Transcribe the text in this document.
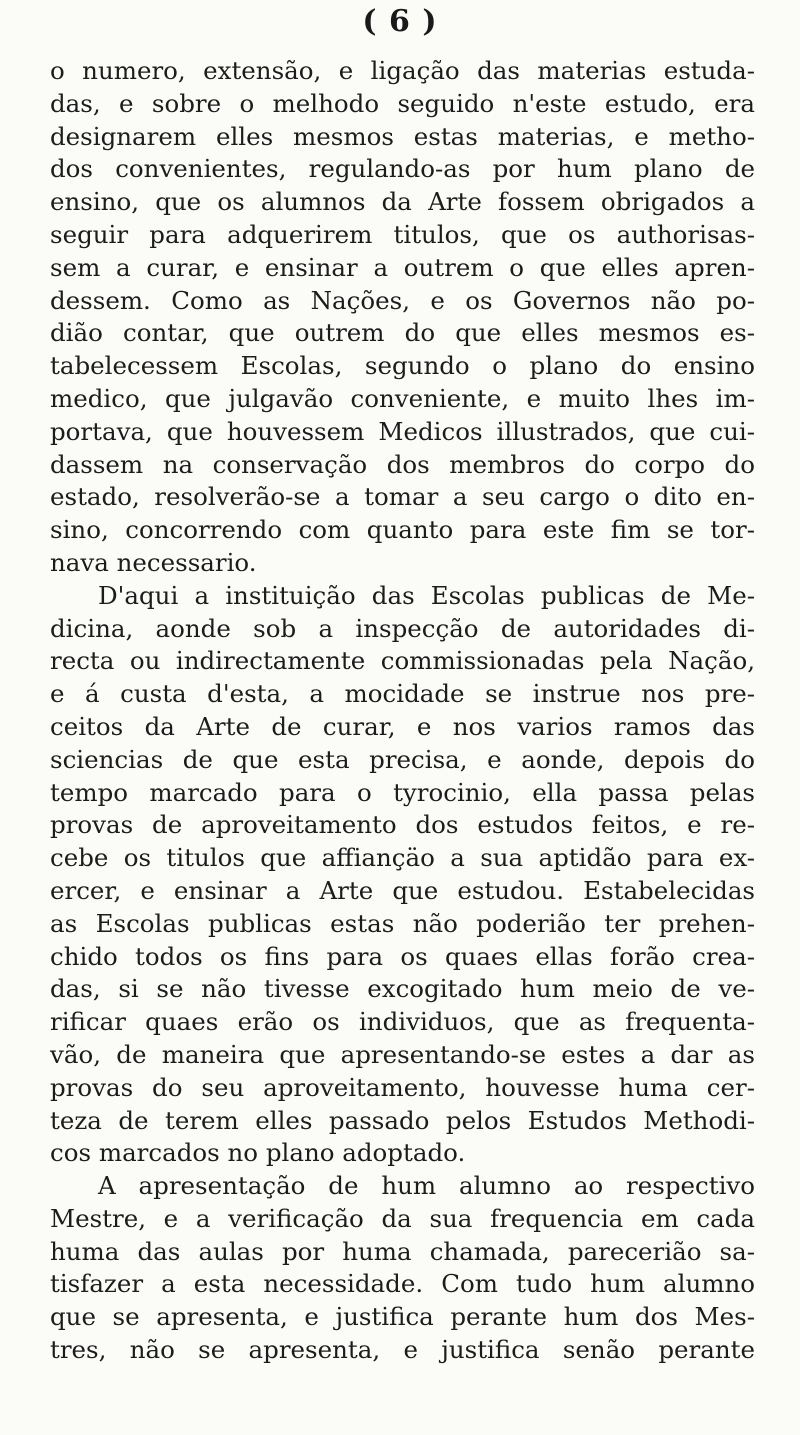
( 6 )
o numero, extensão, e ligação das materias estuda-
das, e sobre o melhodo seguido n'este estudo, era
designarem elles mesmos estas materias, e metho-
dos convenientes, regulando-as por hum plano de
ensino, que os alumnos da Arte fossem obrigados a
seguir para adquerirem titulos, que os authorisas-
sem a curar, e ensinar a outrem o que elles apren-
dessem. Como as Nações, e os Governos não po-
dião contar, que outrem do que elles mesmos es-
tabelecessem Escolas, segundo o plano do ensino
medico, que julgavão conveniente, e muito lhes im-
portava, que houvessem Medicos illustrados, que cui-
dassem na conservação dos membros do corpo do
estado, resolverão-se a tomar a seu cargo o dito en-
sino, concorrendo com quanto para este fim se tor-
nava necessario.
D'aqui a instituição das Escolas publicas de Me-
dicina, aonde sob a inspecção de autoridades di-
recta ou indirectamente commissionadas pela Nação,
e á custa d'esta, a mocidade se instrue nos pre-
ceitos da Arte de curar, e nos varios ramos das
sciencias de que esta precisa, e aonde, depois do
tempo marcado para o tyrocinio, ella passa pelas
provas de aproveitamento dos estudos feitos, e re-
cebe os titulos que affiançäo a sua aptidão para ex-
ercer, e ensinar a Arte que estudou. Estabelecidas
as Escolas publicas estas não poderião ter prehen-
chido todos os fins para os quaes ellas forão crea-
das, si se não tivesse excogitado hum meio de ve-
rificar quaes erão os individuos, que as frequenta-
vão, de maneira que apresentando-se estes a dar as
provas do seu aproveitamento, houvesse huma cer-
teza de terem elles passado pelos Estudos Methodi-
cos marcados no plano adoptado.
A apresentação de hum alumno ao respectivo
Mestre, e a verificação da sua frequencia em cada
huma das aulas por huma chamada, parecerião sa-
tisfazer a esta necessidade. Com tudo hum alumno
que se apresenta, e justifica perante hum dos Mes-
tres, não se apresenta, e justifica senão perante
